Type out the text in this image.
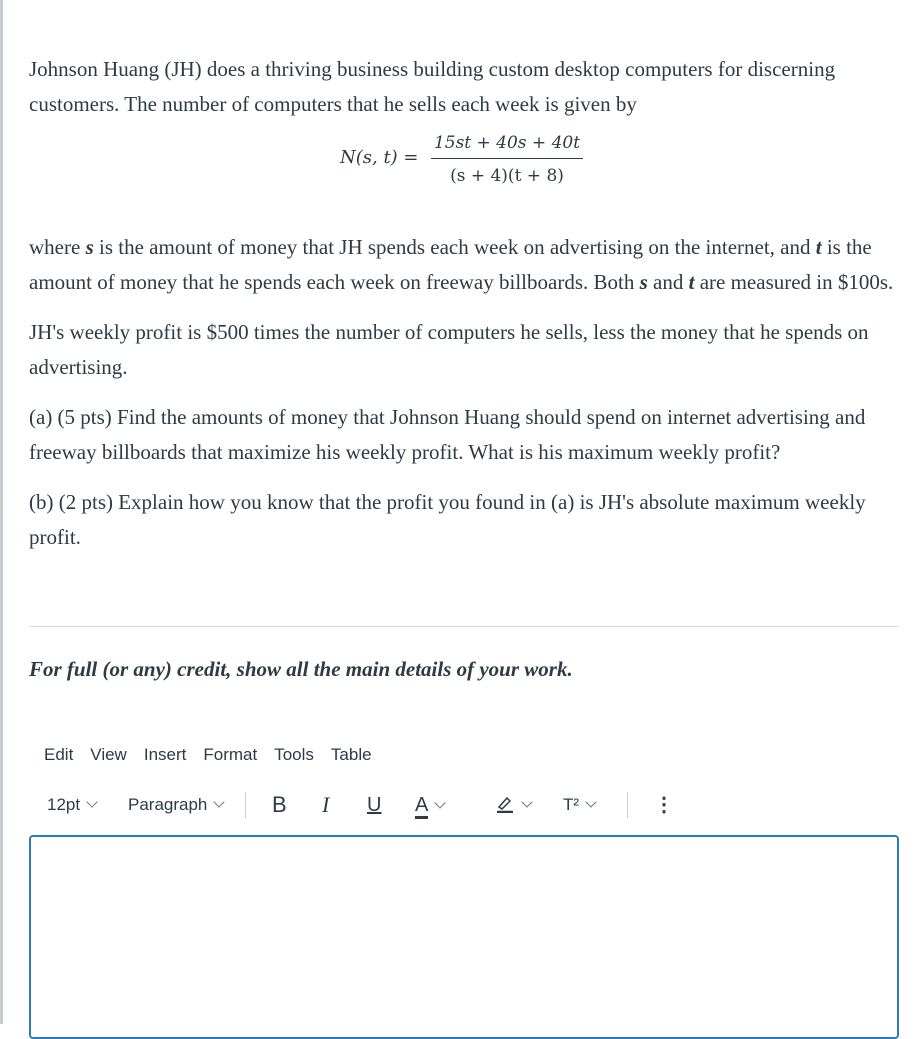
Johnson Huang (JH) does a thriving business building custom desktop computers for discerning customers. The number of computers that he sells each week is given by

N(s, t) =
15st + 40s + 40t
(s + 4)(t + 8)

where s is the amount of money that JH spends each week on advertising on the internet, and t is the amount of money that he spends each week on freeway billboards. Both s and t are measured in $100s.

JH's weekly profit is $500 times the number of computers he sells, less the money that he spends on advertising.

(a) (5 pts) Find the amounts of money that Johnson Huang should spend on internet advertising and freeway billboards that maximize his weekly profit. What is his maximum weekly profit?

(b) (2 pts) Explain how you know that the profit you found in (a) is JH's absolute maximum weekly profit.

For full (or any) credit, show all the main details of your work.
Edit View Insert Format Tools Table
12pt	Paragraph	B I U A	T²	⋮
